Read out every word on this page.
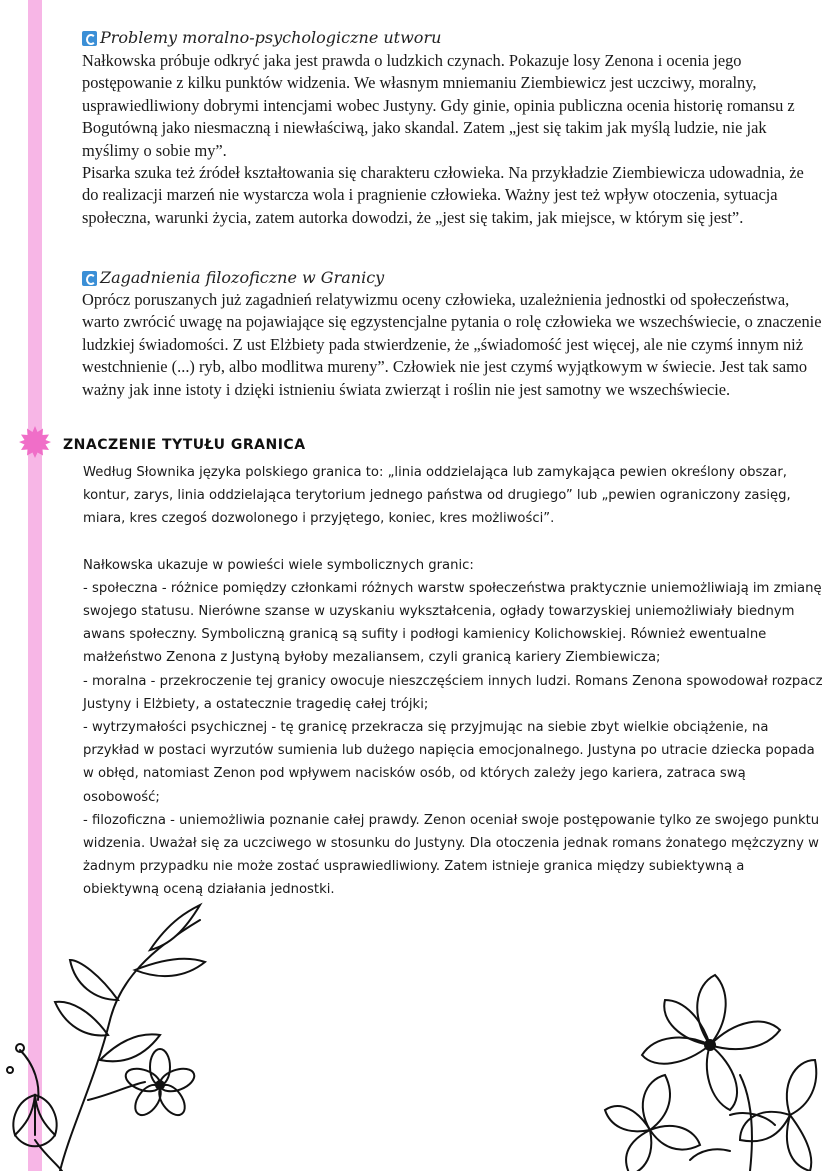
Problemy moralno-psychologiczne utworu

Nałkowska próbuje odkryć jaka jest prawda o ludzkich czynach. Pokazuje losy Zenona i ocenia jego postępowanie z kilku punktów widzenia. We własnym mniemaniu Ziembiewicz jest uczciwy, moralny, usprawiedliwiony dobrymi intencjami wobec Justyny. Gdy ginie, opinia publiczna ocenia historię romansu z Bogutówną jako niesmaczną i niewłaściwą, jako skandal. Zatem „jest się takim jak myślą ludzie, nie jak myślimy o sobie my”.

Pisarka szuka też źródeł kształtowania się charakteru człowieka. Na przykładzie Ziembiewicza udowadnia, że do realizacji marzeń nie wystarcza wola i pragnienie człowieka. Ważny jest też wpływ otoczenia, sytuacja społeczna, warunki życia, zatem autorka dowodzi, że „jest się takim, jak miejsce, w którym się jest”.

Zagadnienia filozoficzne w Granicy

Oprócz poruszanych już zagadnień relatywizmu oceny człowieka, uzależnienia jednostki od społeczeństwa, warto zwrócić uwagę na pojawiające się egzystencjalne pytania o rolę człowieka we wszechświecie, o znaczenie ludzkiej świadomości. Z ust Elżbiety pada stwierdzenie, że „świadomość jest więcej, ale nie czymś innym niż westchnienie (...) ryb, albo modlitwa mureny”. Człowiek nie jest czymś wyjątkowym w świecie. Jest tak samo ważny jak inne istoty i dzięki istnieniu świata zwierząt i roślin nie jest samotny we wszechświecie.

ZNACZENIE TYTUŁU GRANICA

Według Słownika języka polskiego granica to: „linia oddzielająca lub zamykająca pewien określony obszar, kontur, zarys, linia oddzielająca terytorium jednego państwa od drugiego” lub „pewien ograniczony zasięg, miara, kres czegoś dozwolonego i przyjętego, koniec, kres możliwości”.

Nałkowska ukazuje w powieści wiele symbolicznych granic:

- społeczna - różnice pomiędzy członkami różnych warstw społeczeństwa praktycznie uniemożliwiają im zmianę swojego statusu. Nierówne szanse w uzyskaniu wykształcenia, ogłady towarzyskiej uniemożliwiały biednym awans społeczny. Symboliczną granicą są sufity i podłogi kamienicy Kolichowskiej. Również ewentualne małżeństwo Zenona z Justyną byłoby mezaliansem, czyli granicą kariery Ziembiewicza;

- moralna - przekroczenie tej granicy owocuje nieszczęściem innych ludzi. Romans Zenona spowodował rozpacz Justyny i Elżbiety, a ostatecznie tragedię całej trójki;

- wytrzymałości psychicznej - tę granicę przekracza się przyjmując na siebie zbyt wielkie obciążenie, na przykład w postaci wyrzutów sumienia lub dużego napięcia emocjonalnego. Justyna po utracie dziecka popada w obłęd, natomiast Zenon pod wpływem nacisków osób, od których zależy jego kariera, zatraca swą osobowość;

- filozoficzna - uniemożliwia poznanie całej prawdy. Zenon oceniał swoje postępowanie tylko ze swojego punktu widzenia. Uważał się za uczciwego w stosunku do Justyny. Dla otoczenia jednak romans żonatego mężczyzny w żadnym przypadku nie może zostać usprawiedliwiony. Zatem istnieje granica między subiektywną a obiektywną oceną działania jednostki.
